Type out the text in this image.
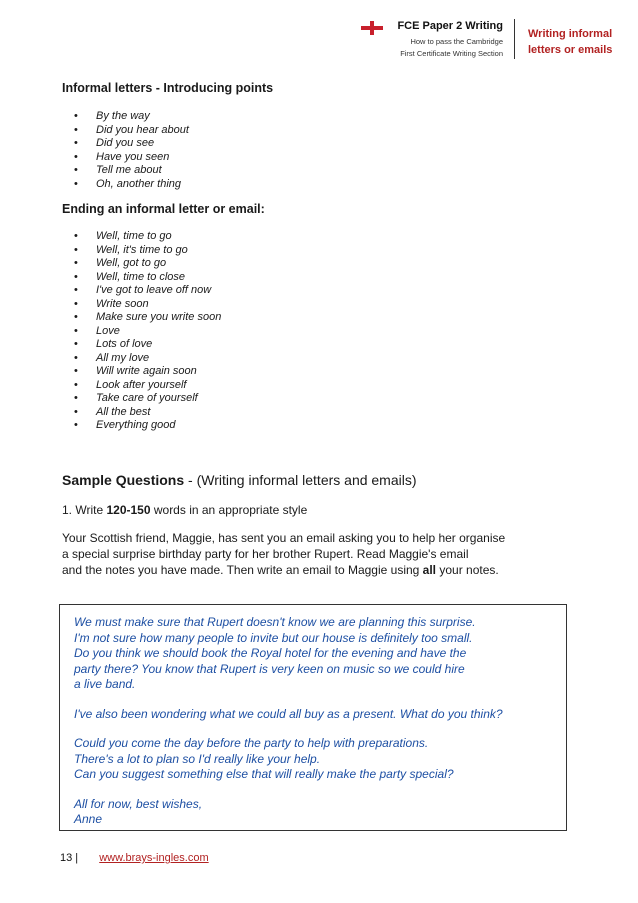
FCE Paper 2 Writing
How to pass the Cambridge
First Certificate Writing Section
Writing informal
letters or emails
Informal letters - Introducing points
• By the way
• Did you hear about
• Did you see
• Have you seen
• Tell me about
• Oh, another thing
Ending an informal letter or email:
• Well, time to go
• Well, it's time to go
• Well, got to go
• Well, time to close
• I've got to leave off now
• Write soon
• Make sure you write soon
• Love
• Lots of love
• All my love
• Will write again soon
• Look after yourself
• Take care of yourself
• All the best
• Everything good
Sample Questions - (Writing informal letters and emails)

1. Write 120-150 words in an appropriate style

Your Scottish friend, Maggie, has sent you an email asking you to help her organise
a special surprise birthday party for her brother Rupert. Read Maggie's email
and the notes you have made. Then write an email to Maggie using all your notes.

We must make sure that Rupert doesn't know we are planning this surprise.

I'm not sure how many people to invite but our house is definitely too small.

Do you think we should book the Royal hotel for the evening and have the

party there? You know that Rupert is very keen on music so we could hire

a live band.

I've also been wondering what we could all buy as a present. What do you think?

Could you come the day before the party to help with preparations.

There's a lot to plan so I'd really like your help.

Can you suggest something else that will really make the party special?

All for now, best wishes,

Anne

13 | www.brays-ingles.com
